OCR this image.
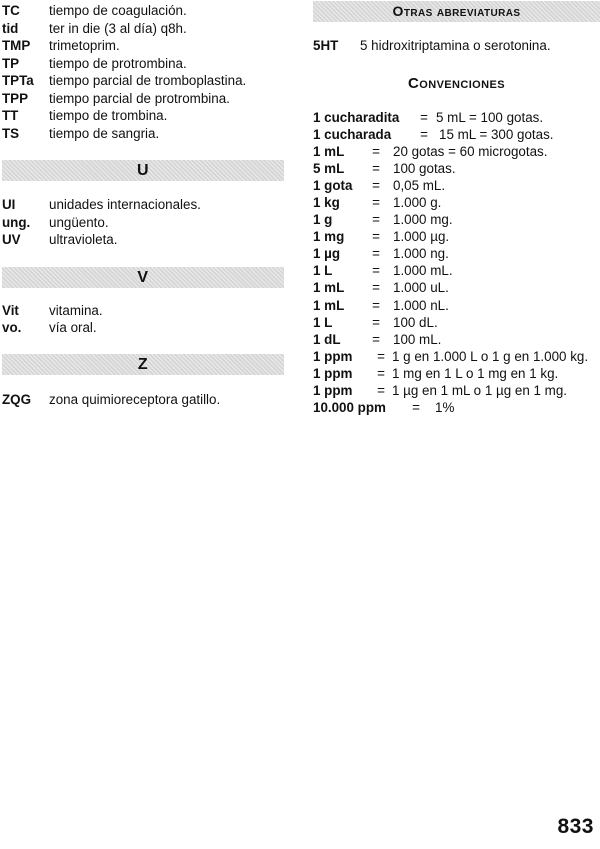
TC	tiempo de coagulación.
tid	ter in die (3 al día) q8h.
TMP	trimetoprim.
TP	tiempo de protrombina.
TPTa	tiempo parcial de tromboplastina.
TPP	tiempo parcial de protrombina.
TT	tiempo de trombina.
TS	tiempo de sangria.
U
UI	unidades internacionales.
ung.	ungüento.
UV	ultravioleta.
V
Vit	vitamina.
vo.	vía oral.
Z
ZQG	zona quimioreceptora gatillo.
Otras abreviaturas
5HT	5 hidroxitriptamina o serotonina.
Convenciones
1 cucharadita	= 5 mL = 100 gotas.
1 cucharada	= 15 mL = 300 gotas.
1 mL	= 20 gotas = 60 microgotas.
5 mL	= 100 gotas.
1 gota	= 0,05 mL.
1 kg	= 1.000 g.
1 g	= 1.000 mg.
1 mg	= 1.000 µg.
1 µg	= 1.000 ng.
1 L	= 1.000 mL.
1 mL	= 1.000 uL.
1 mL	= 1.000 nL.
1 L	= 100 dL.
1 dL	= 100 mL.
1 ppm	= 1 g en 1.000 L o 1 g en 1.000 kg.
1 ppm	= 1 mg en 1 L o 1 mg en 1 kg.
1 ppm	= 1 µg en 1 mL o 1 µg en 1 mg.
10.000 ppm	=	1%
833
